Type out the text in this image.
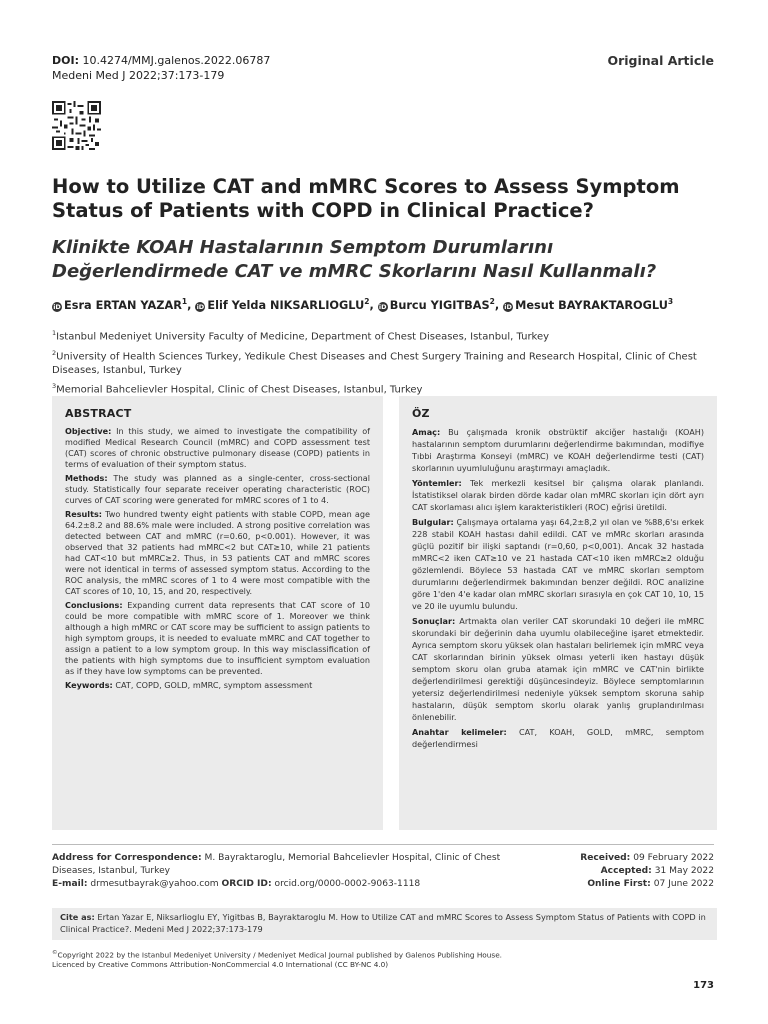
DOI: 10.4274/MMJ.galenos.2022.06787
Medeni Med J 2022;37:173-179
Original Article
How to Utilize CAT and mMRC Scores to Assess Symptom Status of Patients with COPD in Clinical Practice?
Klinikte KOAH Hastalarının Semptom Durumlarını Değerlendirmede CAT ve mMRC Skorlarını Nasıl Kullanmalı?
iD Esra ERTAN YAZAR$^1$, iD Elif Yelda NIKSARLIOGLU$^2$, iD Burcu YIGITBAS$^2$, iD Mesut BAYRAKTAROGLU$^3$

$^1$Istanbul Medeniyet University Faculty of Medicine, Department of Chest Diseases, Istanbul, Turkey

$^2$University of Health Sciences Turkey, Yedikule Chest Diseases and Chest Surgery Training and Research Hospital, Clinic of Chest Diseases, Istanbul, Turkey

$^3$Memorial Bahcelievler Hospital, Clinic of Chest Diseases, Istanbul, Turkey

ABSTRACT

Objective: In this study, we aimed to investigate the compatibility of modified Medical Research Council (mMRC) and COPD assessment test (CAT) scores of chronic obstructive pulmonary disease (COPD) patients in terms of evaluation of their symptom status.

Methods: The study was planned as a single-center, cross-sectional study. Statistically four separate receiver operating characteristic (ROC) curves of CAT scoring were generated for mMRC scores of 1 to 4.

Results: Two hundred twenty eight patients with stable COPD, mean age 64.2±8.2 and 88.6% male were included. A strong positive correlation was detected between CAT and mMRC (r=0.60, p<0.001). However, it was observed that 32 patients had mMRC<2 but CAT≥10, while 21 patients had CAT<10 but mMRC≥2. Thus, in 53 patients CAT and mMRC scores were not identical in terms of assessed symptom status. According to the ROC analysis, the mMRC scores of 1 to 4 were most compatible with the CAT scores of 10, 10, 15, and 20, respectively.

Conclusions: Expanding current data represents that CAT score of 10 could be more compatible with mMRC score of 1. Moreover we think although a high mMRC or CAT score may be sufficient to assign patients to high symptom groups, it is needed to evaluate mMRC and CAT together to assign a patient to a low symptom group. In this way misclassification of the patients with high symptoms due to insufficient symptom evaluation as if they have low symptoms can be prevented.

Keywords: CAT, COPD, GOLD, mMRC, symptom assessment

ÖZ

Amaç: Bu çalışmada kronik obstrüktif akciğer hastalığı (KOAH) hastalarının semptom durumlarını değerlendirme bakımından, modifiye Tıbbi Araştırma Konseyi (mMRC) ve KOAH değerlendirme testi (CAT) skorlarının uyumluluğunu araştırmayı amaçladık.

Yöntemler: Tek merkezli kesitsel bir çalışma olarak planlandı. İstatistiksel olarak birden dörde kadar olan mMRC skorları için dört ayrı CAT skorlaması alıcı işlem karakteristikleri (ROC) eğrisi üretildi.

Bulgular: Çalışmaya ortalama yaşı 64,2±8,2 yıl olan ve %88,6'sı erkek 228 stabil KOAH hastası dahil edildi. CAT ve mMRc skorları arasında güçlü pozitif bir ilişki saptandı (r=0,60, p<0,001). Ancak 32 hastada mMRC<2 iken CAT≥10 ve 21 hastada CAT<10 iken mMRC≥2 olduğu gözlemlendi. Böylece 53 hastada CAT ve mMRC skorları semptom durumlarını değerlendirmek bakımından benzer değildi. ROC analizine göre 1'den 4'e kadar olan mMRC skorları sırasıyla en çok CAT 10, 10, 15 ve 20 ile uyumlu bulundu.

Sonuçlar: Artmakta olan veriler CAT skorundaki 10 değeri ile mMRC skorundaki bir değerinin daha uyumlu olabileceğine işaret etmektedir. Ayrıca semptom skoru yüksek olan hastaları belirlemek için mMRC veya CAT skorlarından birinin yüksek olması yeterli iken hastayı düşük semptom skoru olan gruba atamak için mMRC ve CAT'nin birlikte değerlendirilmesi gerektiği düşüncesindeyiz. Böylece semptomlarının yetersiz değerlendirilmesi nedeniyle yüksek semptom skoruna sahip hastaların, düşük semptom skorlu olarak yanlış gruplandırılması önlenebilir.

Anahtar kelimeler: CAT, KOAH, GOLD, mMRC, semptom değerlendirmesi

Address for Correspondence: M. Bayraktaroglu, Memorial Bahcelievler Hospital, Clinic of Chest Diseases, Istanbul, Turkey
E-mail: drmesutbayrak@yahoo.com ORCID ID: orcid.org/0000-0002-9063-1118
Received: 09 February 2022
Accepted: 31 May 2022
Online First: 07 June 2022
Cite as: Ertan Yazar E, Niksarlioglu EY, Yigitbas B, Bayraktaroglu M. How to Utilize CAT and mMRC Scores to Assess Symptom Status of Patients with COPD in Clinical Practice?. Medeni Med J 2022;37:173-179
©Copyright 2022 by the Istanbul Medeniyet University / Medeniyet Medical Journal published by Galenos Publishing House.
Licenced by Creative Commons Attribution-NonCommercial 4.0 International (CC BY-NC 4.0)
173
